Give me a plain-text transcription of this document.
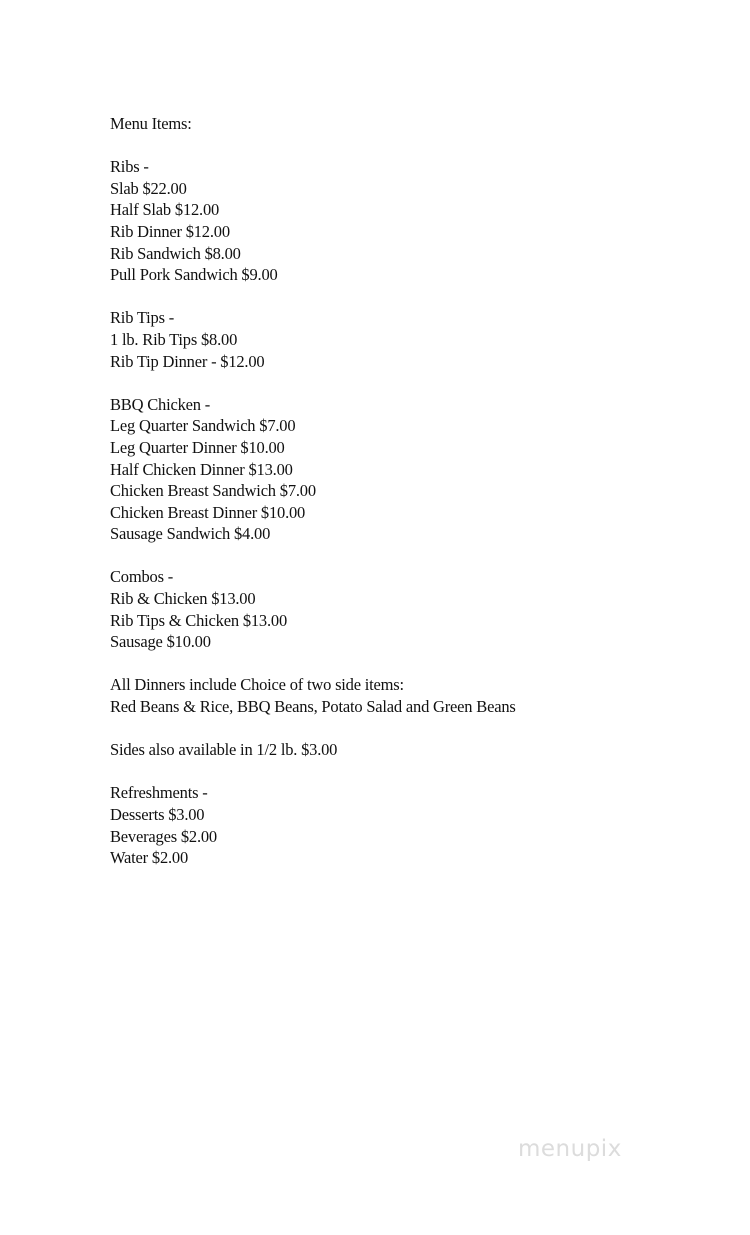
Menu Items:
Ribs -
Slab $22.00
Half Slab $12.00
Rib Dinner $12.00
Rib Sandwich $8.00
Pull Pork Sandwich $9.00
Rib Tips -
1 lb. Rib Tips $8.00
Rib Tip Dinner - $12.00
BBQ Chicken -
Leg Quarter Sandwich $7.00
Leg Quarter Dinner $10.00
Half Chicken Dinner $13.00
Chicken Breast Sandwich $7.00
Chicken Breast Dinner $10.00
Sausage Sandwich $4.00
Combos -
Rib & Chicken $13.00
Rib Tips & Chicken $13.00
Sausage $10.00
All Dinners include Choice of two side items:
Red Beans & Rice, BBQ Beans, Potato Salad and Green Beans
Sides also available in 1/2 lb. $3.00
Refreshments -
Desserts $3.00
Beverages $2.00
Water $2.00
menupix
